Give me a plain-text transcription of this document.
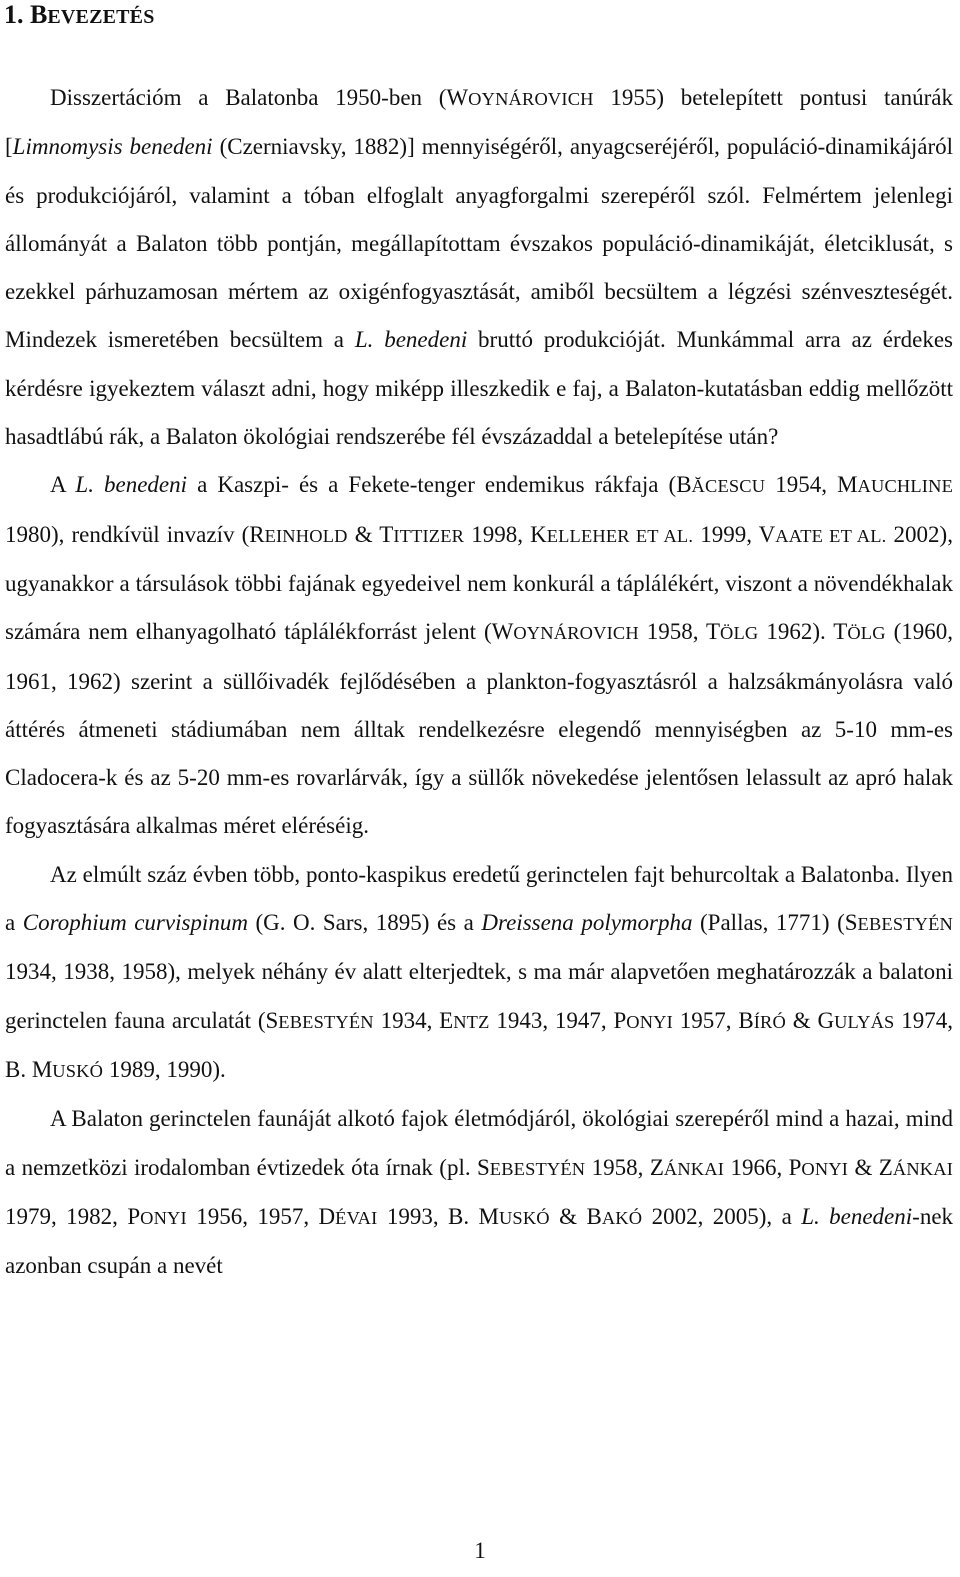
1. BEVEZETÉS

Disszertációm a Balatonba 1950-ben (WOYNÁROVICH 1955) betelepített pontusi tanúrák [Limnomysis benedeni (Czerniavsky, 1882)] mennyiségéről, anyagcseréjéről, populáció-dinamikájáról és produkciójáról, valamint a tóban elfoglalt anyagforgalmi szerepéről szól. Felmértem jelenlegi állományát a Balaton több pontján, megállapítottam évszakos populáció-dinamikáját, életciklusát, s ezekkel párhuzamosan mértem az oxigénfogyasztását, amiből becsültem a légzési szénveszteségét. Mindezek ismeretében becsültem a L. benedeni bruttó produkcióját. Munkámmal arra az érdekes kérdésre igyekeztem választ adni, hogy miképp illeszkedik e faj, a Balaton-kutatásban eddig mellőzött hasadtlábú rák, a Balaton ökológiai rendszerébe fél évszázaddal a betelepítése után?

A L. benedeni a Kaszpi- és a Fekete-tenger endemikus rákfaja (BĂCESCU 1954, MAUCHLINE 1980), rendkívül invazív (REINHOLD & TITTIZER 1998, KELLEHER ET AL. 1999, VAATE ET AL. 2002), ugyanakkor a társulások többi fajának egyedeivel nem konkurál a táplálékért, viszont a növendékhalak számára nem elhanyagolható táplálékforrást jelent (WOYNÁROVICH 1958, TÖLG 1962). TÖLG (1960, 1961, 1962) szerint a süllőivadék fejlődésében a plankton-fogyasztásról a halzsákmányolásra való áttérés átmeneti stádiumában nem álltak rendelkezésre elegendő mennyiségben az 5-10 mm-es Cladocera-k és az 5-20 mm-es rovarlárvák, így a süllők növekedése jelentősen lelassult az apró halak fogyasztására alkalmas méret eléréséig.

Az elmúlt száz évben több, ponto-kaspikus eredetű gerinctelen fajt behurcoltak a Balatonba. Ilyen a Corophium curvispinum (G. O. Sars, 1895) és a Dreissena polymorpha (Pallas, 1771) (SEBESTYÉN 1934, 1938, 1958), melyek néhány év alatt elterjedtek, s ma már alapvetően meghatározzák a balatoni gerinctelen fauna arculatát (SEBESTYÉN 1934, ENTZ 1943, 1947, PONYI 1957, BÍRÓ & GULYÁS 1974, B. MUSKÓ 1989, 1990).

A Balaton gerinctelen faunáját alkotó fajok életmódjáról, ökológiai szerepéről mind a hazai, mind a nemzetközi irodalomban évtizedek óta írnak (pl. SEBESTYÉN 1958, ZÁNKAI 1966, PONYI & ZÁNKAI 1979, 1982, PONYI 1956, 1957, DÉVAI 1993, B. MUSKÓ & BAKÓ 2002, 2005), a L. benedeni-nek azonban csupán a nevét

1
